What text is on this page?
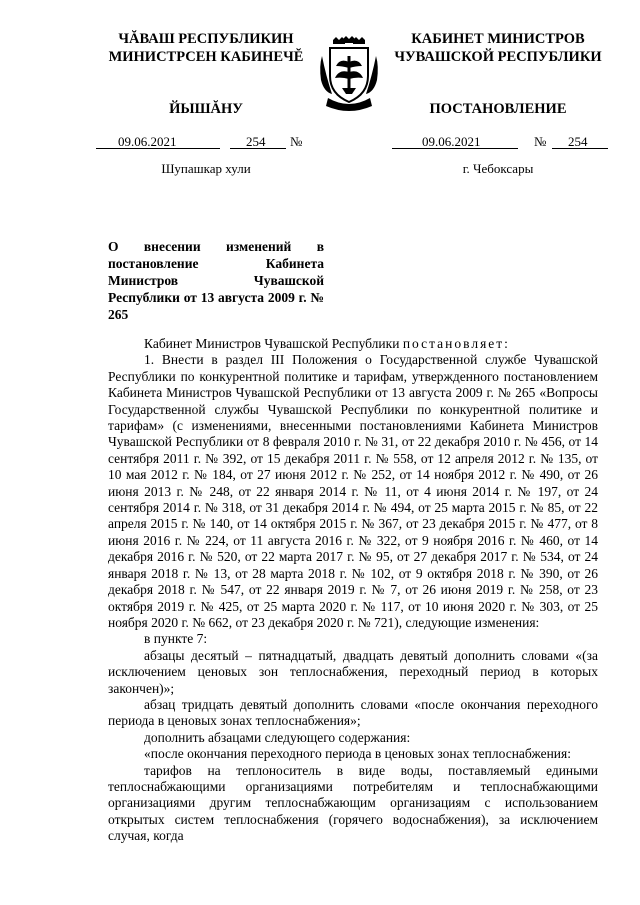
ЧĂВАШ РЕСПУБЛИКИН
МИНИСТРСЕН КАБИНЕЧĔ
КАБИНЕТ МИНИСТРОВ
ЧУВАШСКОЙ РЕСПУБЛИКИ
ЙЫШĂНУ	ПОСТАНОВЛЕНИЕ
09.06.2021	254 №	09.06.2021	№ 254
Шупашкар хули	г. Чебоксары
О внесении изменений в постановление Кабинета Министров Чувашской Республики от 13 августа 2009 г. № 265

Кабинет Министров Чувашской Республики постановляет:

1. Внести в раздел III Положения о Государственной службе Чувашской Республики по конкурентной политике и тарифам, утвержденного постановлением Кабинета Министров Чувашской Республики от 13 августа 2009 г. № 265 «Вопросы Государственной службы Чувашской Республики по конкурентной политике и тарифам» (с изменениями, внесенными постановлениями Кабинета Министров Чувашской Республики от 8 февраля 2010 г. № 31, от 22 декабря 2010 г. № 456, от 14 сентября 2011 г. № 392, от 15 декабря 2011 г. № 558, от 12 апреля 2012 г. № 135, от 10 мая 2012 г. № 184, от 27 июня 2012 г. № 252, от 14 ноября 2012 г. № 490, от 26 июня 2013 г. № 248, от 22 января 2014 г. № 11, от 4 июня 2014 г. № 197, от 24 сентября 2014 г. № 318, от 31 декабря 2014 г. № 494, от 25 марта 2015 г. № 85, от 22 апреля 2015 г. № 140, от 14 октября 2015 г. № 367, от 23 декабря 2015 г. № 477, от 8 июня 2016 г. № 224, от 11 августа 2016 г. № 322, от 9 ноября 2016 г. № 460, от 14 декабря 2016 г. № 520, от 22 марта 2017 г. № 95, от 27 декабря 2017 г. № 534, от 24 января 2018 г. № 13, от 28 марта 2018 г. № 102, от 9 октября 2018 г. № 390, от 26 декабря 2018 г. № 547, от 22 января 2019 г. № 7, от 26 июня 2019 г. № 258, от 23 октября 2019 г. № 425, от 25 марта 2020 г. № 117, от 10 июня 2020 г. № 303, от 25 ноября 2020 г. № 662, от 23 декабря 2020 г. № 721), следующие изменения:

в пункте 7:

абзацы десятый – пятнадцатый, двадцать девятый дополнить словами «(за исключением ценовых зон теплоснабжения, переходный период в которых закончен)»;

абзац тридцать девятый дополнить словами «после окончания переходного периода в ценовых зонах теплоснабжения»;

дополнить абзацами следующего содержания:

«после окончания переходного периода в ценовых зонах теплоснабжения:

тарифов на теплоноситель в виде воды, поставляемый едиными теплоснабжающими организациями потребителям и теплоснабжающими организациями другим теплоснабжающим организациям с использованием открытых систем теплоснабжения (горячего водоснабжения), за исключением случая, когда
